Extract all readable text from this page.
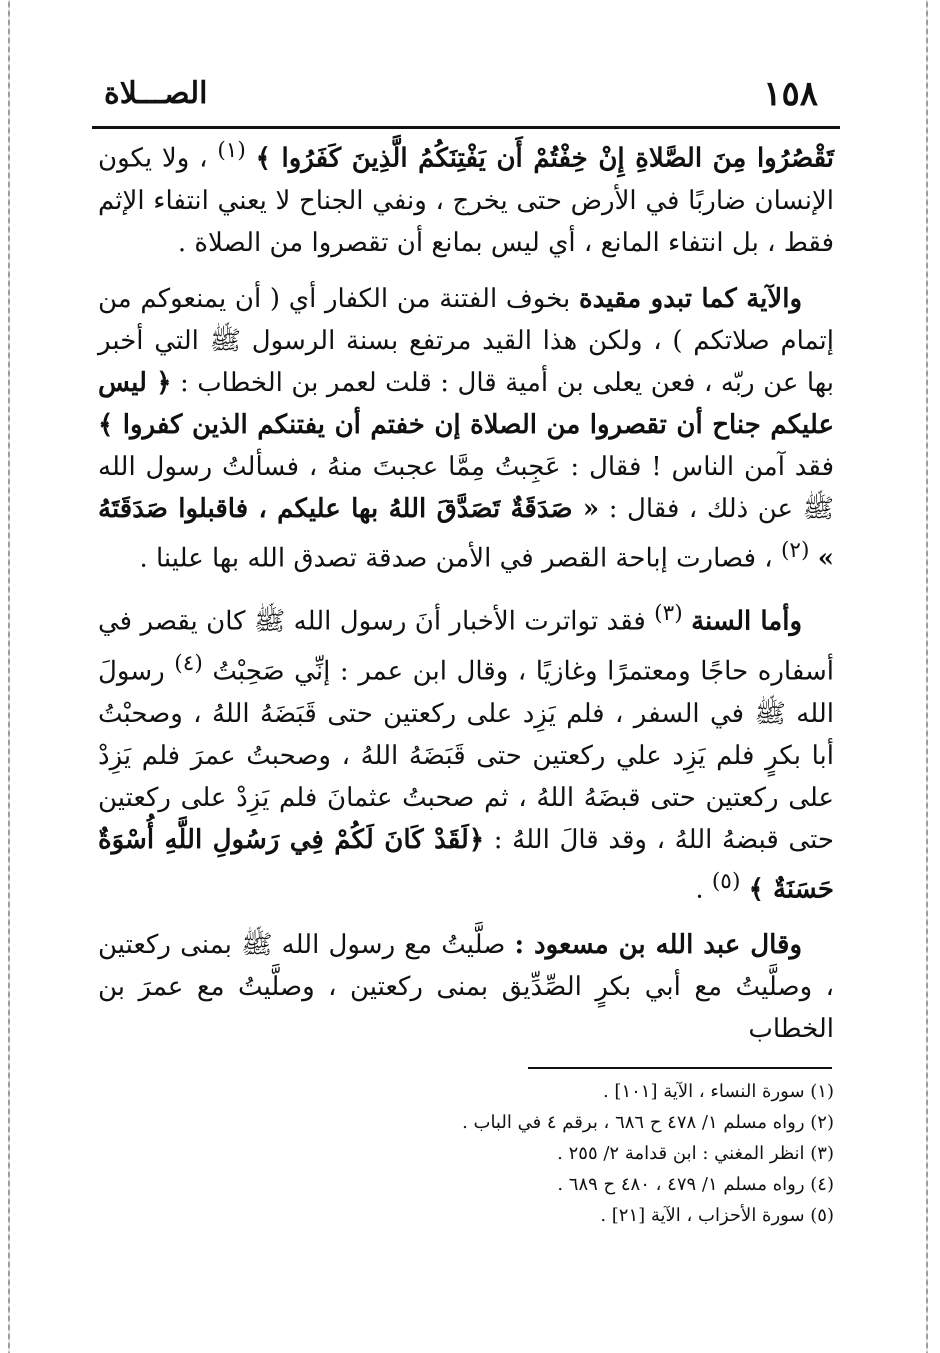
١٥٨
الصـــلاة

تَقْصُرُوا مِنَ الصَّلاةِ إِنْ خِفْتُمْ أَن يَفْتِنَكُمُ الَّذِينَ كَفَرُوا ﴾ $^{(١)}$ ، ولا يكون الإنسان ضاربًا في الأرض حتى يخرج ، ونفي الجناح لا يعني انتفاء الإثم فقط ، بل انتفاء المانع ، أي ليس بمانع أن تقصروا من الصلاة .

والآية كما تبدو مقيدة بخوف الفتنة من الكفار أي ( أن يمنعوكم من إتمام صلاتكم ) ، ولكن هذا القيد مرتفع بسنة الرسول ﷺ التي أخبر بها عن ربّه ، فعن يعلى بن أمية قال : قلت لعمر بن الخطاب : ﴿ ليس عليكم جناح أن تقصروا من الصلاة إن خفتم أن يفتنكم الذين كفروا ﴾ فقد آمن الناس ! فقال : عَجِبتُ مِمَّا عجبتَ منهُ ، فسألتُ رسول الله ﷺ عن ذلك ، فقال : « صَدَقَةٌ تَصَدَّقَ اللهُ بها عليكم ، فاقبلوا صَدَقَتَهُ » $^{(٢)}$ ، فصارت إباحة القصر في الأمن صدقة تصدق الله بها علينا .

وأما السنة $^{(٣)}$ فقد تواترت الأخبار أنَ رسول الله ﷺ كان يقصر في أسفاره حاجًا ومعتمرًا وغازيًا ، وقال ابن عمر : إنِّي صَحِبْتُ $^{(٤)}$ رسولَ الله ﷺ في السفر ، فلم يَزِد على ركعتين حتى قَبَضَهُ اللهُ ، وصحبْتُ أبا بكرٍ فلم يَزِد علي ركعتين حتى قَبَضَهُ اللهُ ، وصحبتُ عمرَ فلم يَزِدْ على ركعتين حتى قبضَهُ اللهُ ، ثم صحبتُ عثمانَ فلم يَزِدْ على ركعتين حتى قبضهُ اللهُ ، وقد قالَ اللهُ : ﴿لَقَدْ كَانَ لَكُمْ فِي رَسُولِ اللَّهِ أُسْوَةٌ حَسَنَةٌ ﴾ $^{(٥)}$ .

وقال عبد الله بن مسعود : صلَّيتُ مع رسول الله ﷺ بمنى ركعتين ، وصلَّيتُ مع أبي بكرٍ الصِّدِّيق بمنى ركعتين ، وصلَّيتُ مع عمرَ بن الخطاب

(١) سورة النساء ، الآية [١٠١] .
(٢) رواه مسلم ١/ ٤٧٨ ح ٦٨٦ ، برقم ٤ في الباب .
(٣) انظر المغني : ابن قدامة ٢/ ٢٥٥ .
(٤) رواه مسلم ١/ ٤٧٩ ، ٤٨٠ ح ٦٨٩ .
(٥) سورة الأحزاب ، الآية [٢١] .
